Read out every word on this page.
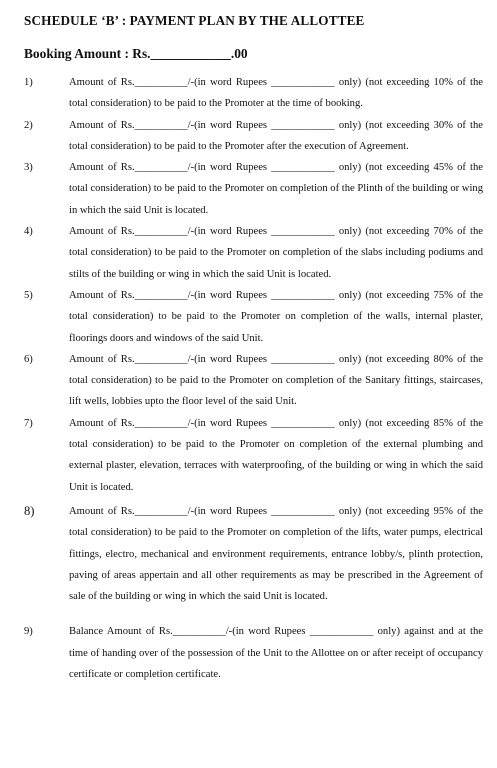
SCHEDULE ‘B’ : PAYMENT PLAN BY THE ALLOTTEE
Booking Amount : Rs.____________.00
1)	Amount of Rs.__________/-(in word Rupees ____________ only) (not exceeding 10% of the total consideration) to be paid to the Promoter at the time of booking.
2)	Amount of Rs.__________/-(in word Rupees ____________ only) (not exceeding 30% of the total consideration) to be paid to the Promoter after the execution of Agreement.
3)	Amount of Rs.__________/-(in word Rupees ____________ only) (not exceeding 45% of the total consideration) to be paid to the Promoter on completion of the Plinth of the building or wing in which the said Unit is located.
4)	Amount of Rs.__________/-(in word Rupees ____________ only) (not exceeding 70% of the total consideration) to be paid to the Promoter on completion of the slabs including podiums and stilts of the building or wing in which the said Unit is located.
5)	Amount of Rs.__________/-(in word Rupees ____________ only) (not exceeding 75% of the total consideration) to be paid to the Promoter on completion of the walls, internal plaster, floorings doors and windows of the said Unit.
6)	Amount of Rs.__________/-(in word Rupees ____________ only) (not exceeding 80% of the total consideration) to be paid to the Promoter on completion of the Sanitary fittings, staircases, lift wells, lobbies upto the floor level of the said Unit.
7)	Amount of Rs.__________/-(in word Rupees ____________ only) (not exceeding 85% of the total consideration) to be paid to the Promoter on completion of the external plumbing and external plaster, elevation, terraces with waterproofing, of the building or wing in which the said Unit is located.
8)	Amount of Rs.__________/-(in word Rupees ____________ only) (not exceeding 95% of the total consideration) to be paid to the Promoter on completion of the lifts, water pumps, electrical fittings, electro, mechanical and environment requirements, entrance lobby/s, plinth protection, paving of areas appertain and all other requirements as may be prescribed in the Agreement of sale of the building or wing in which the said Unit is located.
9)	Balance Amount of Rs.__________/-(in word Rupees ____________ only) against and at the time of handing over of the possession of the Unit to the Allottee on or after receipt of occupancy certificate or completion certificate.
